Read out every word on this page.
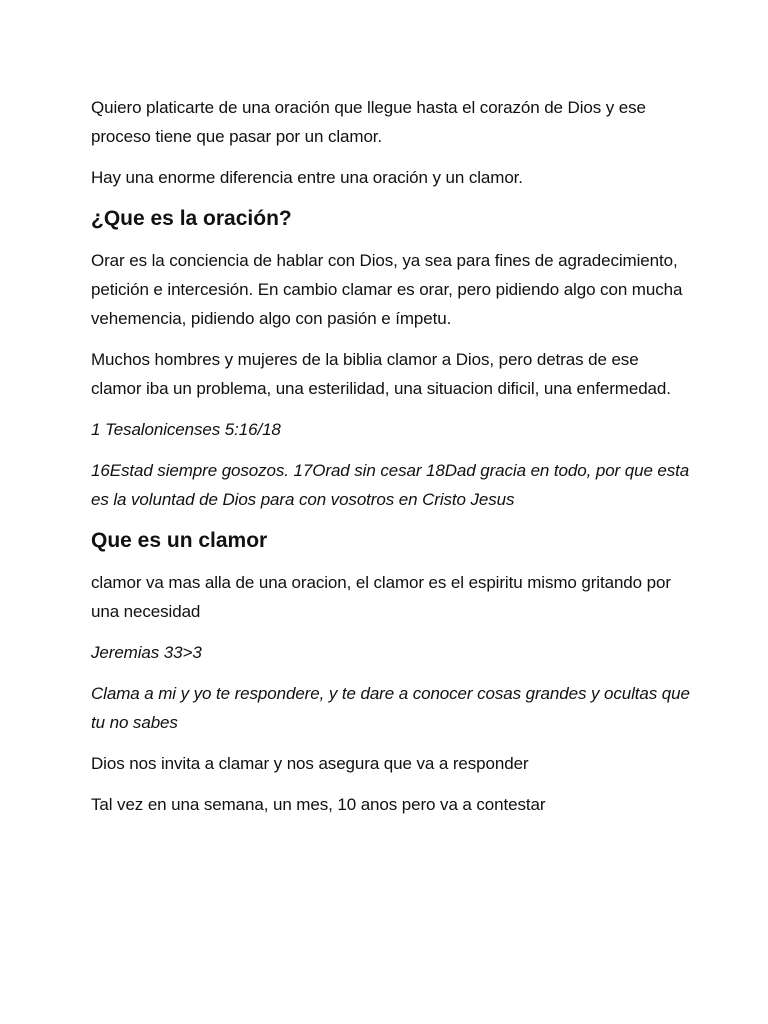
Quiero platicarte de una oración que llegue hasta el corazón de Dios y ese proceso tiene que pasar por un clamor.

Hay una enorme diferencia entre una oración y un clamor.

¿Que es la oración?

Orar es la conciencia de hablar con Dios, ya sea para fines de agradecimiento, petición e intercesión. En cambio clamar es orar, pero pidiendo algo con mucha vehemencia, pidiendo algo con pasión e ímpetu.

Muchos hombres y mujeres de la biblia clamor a Dios, pero detras de ese clamor iba un problema, una esterilidad, una situacion dificil, una enfermedad.

1 Tesalonicenses 5:16/18

16Estad siempre gosozos. 17Orad sin cesar 18Dad gracia en todo, por que esta es la voluntad de Dios para con vosotros en Cristo Jesus

Que es un clamor

clamor va mas alla de una oracion, el clamor es el espiritu mismo gritando por una necesidad

Jeremias 33>3

Clama a mi y yo te respondere, y te dare a conocer cosas grandes y ocultas que tu no sabes

Dios nos invita a clamar y nos asegura que va a responder

Tal vez en una semana, un mes, 10 anos pero va a contestar
